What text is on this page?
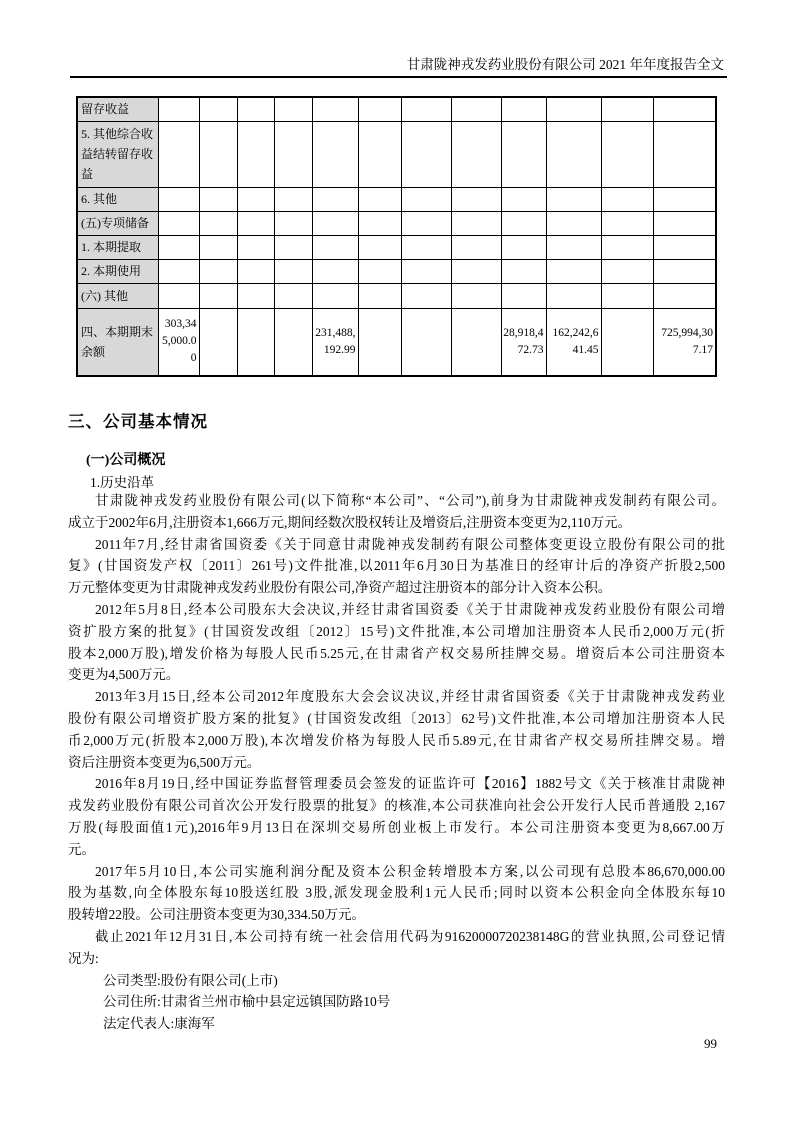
甘肃陇神戎发药业股份有限公司 2021 年年度报告全文
留存收益												
5. 其他综合收益结转留存收益												
6. 其他												
(五)专项储备												
1. 本期提取												
2. 本期使用												
(六) 其他												
四、本期期末余额	303,345,000.00				231,488,192.99				28,918,472.73	162,242,641.45		725,994,307.17
三、公司基本情况
(一)公司概况
1.历史沿革
甘肃陇神戎发药业股份有限公司(以下简称“本公司”、“公司”),前身为甘肃陇神戎发制药有限公司。
成立于2002年6月,注册资本1,666万元,期间经数次股权转让及增资后,注册资本变更为2,110万元。
2011年7月,经甘肃省国资委《关于同意甘肃陇神戎发制药有限公司整体变更设立股份有限公司的批
复》(甘国资发产权〔2011〕261号)文件批准,以2011年6月30日为基准日的经审计后的净资产折股2,500
万元整体变更为甘肃陇神戎发药业股份有限公司,净资产超过注册资本的部分计入资本公积。
2012年5月8日,经本公司股东大会决议,并经甘肃省国资委《关于甘肃陇神戎发药业股份有限公司增
资扩股方案的批复》(甘国资发改组〔2012〕15号)文件批准,本公司增加注册资本人民币2,000万元(折
股本2,000万股),增发价格为每股人民币5.25元,在甘肃省产权交易所挂牌交易。增资后本公司注册资本
变更为4,500万元。
2013年3月15日,经本公司2012年度股东大会会议决议,并经甘肃省国资委《关于甘肃陇神戎发药业
股份有限公司增资扩股方案的批复》(甘国资发改组〔2013〕62号)文件批准,本公司增加注册资本人民
币2,000万元(折股本2,000万股),本次增发价格为每股人民币5.89元,在甘肃省产权交易所挂牌交易。增
资后注册资本变更为6,500万元。
2016年8月19日,经中国证券监督管理委员会签发的证监许可【2016】1882号文《关于核准甘肃陇神
戎发药业股份有限公司首次公开发行股票的批复》的核准,本公司获准向社会公开发行人民币普通股 2,167
万股(每股面值1元),2016年9月13日在深圳交易所创业板上市发行。本公司注册资本变更为8,667.00万
元。
2017年5月10日,本公司实施利润分配及资本公积金转增股本方案,以公司现有总股本86,670,000.00
股为基数,向全体股东每10股送红股 3股,派发现金股利1元人民币;同时以资本公积金向全体股东每10
股转增22股。公司注册资本变更为30,334.50万元。
截止2021年12月31日,本公司持有统一社会信用代码为91620000720238148G的营业执照,公司登记情
况为:
公司类型:股份有限公司(上市)
公司住所:甘肃省兰州市榆中县定远镇国防路10号
法定代表人:康海军
99
